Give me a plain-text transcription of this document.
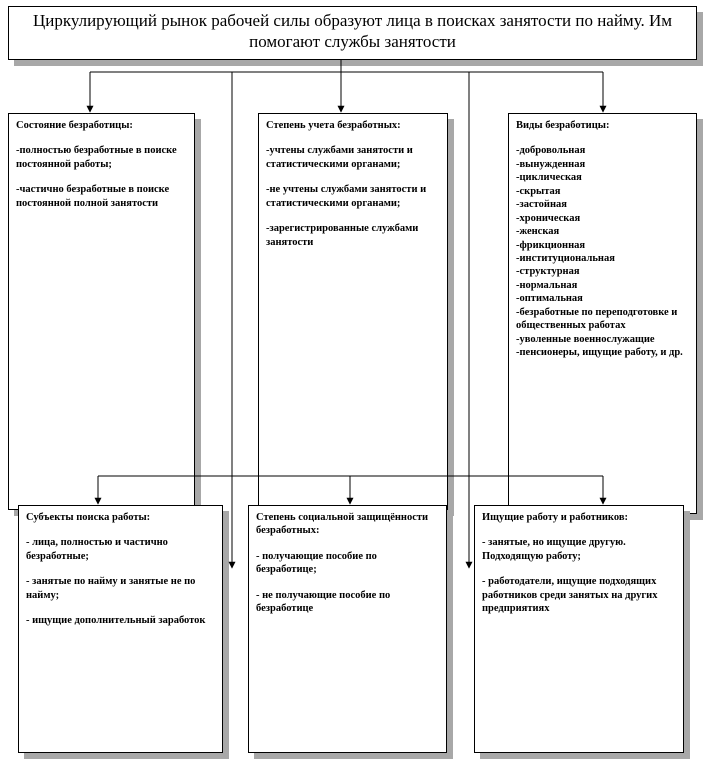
Циркулирующий рынок рабочей силы образуют лица в поисках занятости по найму. Им помогают службы занятости
Состояние безработицы:
-полностью безработные в поиске постоянной работы;
-частично безработные в поиске постоянной полной занятости
Степень учета безработных:
-учтены службами занятости и статистическими органами;
-не учтены службами занятости и статистическими органами;
-зарегистрированные службами занятости
Виды безработицы:
-добровольная
-вынужденная
-циклическая
-скрытая
-застойная
-хроническая
-женская
-фрикционная
-институциональная
-структурная
-нормальная
-оптимальная
-безработные по переподготовке и общественных работах
-уволенные военнослужащие
-пенсионеры, ищущие работу, и др.
Субъекты поиска работы:
- лица, полностью и частично безработные;
- занятые по найму и занятые не по найму;
- ищущие дополнительный заработок
Степень социальной защищённости безработных:
- получающие пособие по безработице;
- не получающие пособие по безработице
Ищущие работу и работников:
- занятые, но ищущие другую. Подходящую работу;
- работодатели, ищущие подходящих работников среди занятых на других предприятиях
